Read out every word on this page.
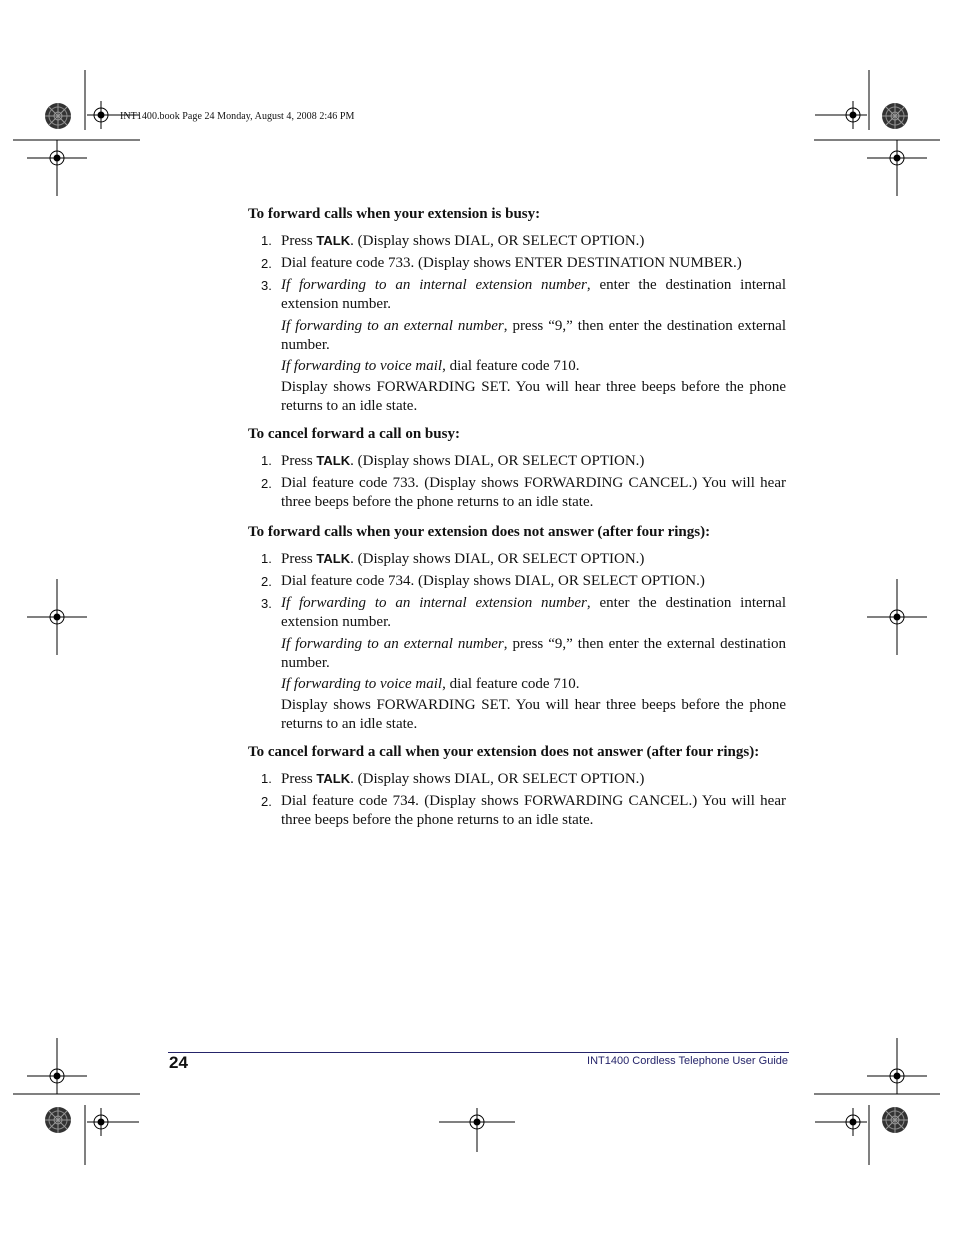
INT1400.book Page 24 Monday, August 4, 2008 2:46 PM

To forward calls when your extension is busy:

1. Press TALK. (Display shows DIAL, OR SELECT OPTION.)

2. Dial feature code 733. (Display shows ENTER DESTINATION NUMBER.)

3. If forwarding to an internal extension number, enter the destination internal extension number.

If forwarding to an external number, press “9,” then enter the destination external number.

If forwarding to voice mail, dial feature code 710.

Display shows FORWARDING SET. You will hear three beeps before the phone returns to an idle state.

To cancel forward a call on busy:

1. Press TALK. (Display shows DIAL, OR SELECT OPTION.)

2. Dial feature code 733. (Display shows FORWARDING CANCEL.) You will hear three beeps before the phone returns to an idle state.

To forward calls when your extension does not answer (after four rings):

1. Press TALK. (Display shows DIAL, OR SELECT OPTION.)

2. Dial feature code 734. (Display shows DIAL, OR SELECT OPTION.)

3. If forwarding to an internal extension number, enter the destination internal extension number.

If forwarding to an external number, press “9,” then enter the external destination number.

If forwarding to voice mail, dial feature code 710.

Display shows FORWARDING SET. You will hear three beeps before the phone returns to an idle state.

To cancel forward a call when your extension does not answer (after four rings):

1. Press TALK. (Display shows DIAL, OR SELECT OPTION.)

2. Dial feature code 734. (Display shows FORWARDING CANCEL.) You will hear three beeps before the phone returns to an idle state.

24	INT1400 Cordless Telephone User Guide
